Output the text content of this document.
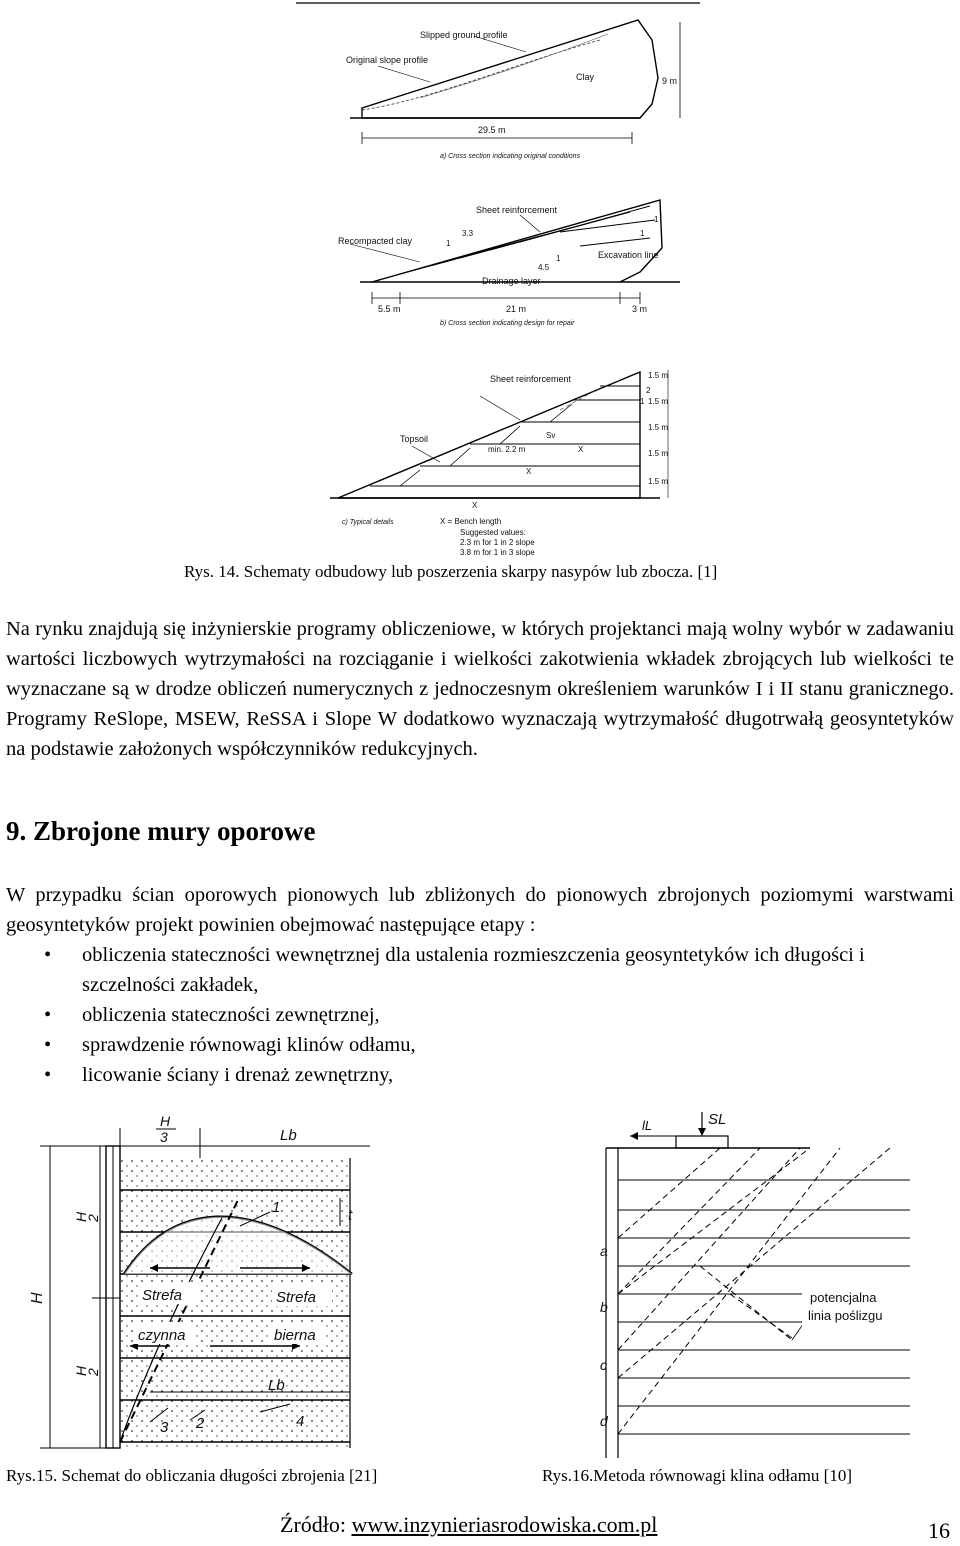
Slipped ground profile
Original slope profile
Clay	9 m
29.5 m
a) Cross section indicating original conditions
Sheet reinforcement
Recompacted clay
Excavation line
Drainage layer
3.3
1
1
4.5
1
1
5.5 m	21 m	3 m
b) Cross section indicating design for repair
Sheet reinforcement
Topsoil
min. 2.2 m
Sv
X
X
X
2
1
1.5 m
1.5 m
1.5 m
1.5 m
1.5 m
c) Typical details	X = Bench length
Suggested values:
2.3 m for 1 in 2 slope
3.8 m for 1 in 3 slope
Rys. 14. Schematy odbudowy lub poszerzenia skarpy nasypów lub zbocza. [1]

Na rynku znajdują się inżynierskie programy obliczeniowe, w których projektanci mają wolny wybór w zadawaniu wartości liczbowych wytrzymałości na rozciąganie i wielkości zakotwienia wkładek zbrojących lub wielkości te wyznaczane są w drodze obliczeń numerycznych z jednoczesnym określeniem warunków I i II stanu granicznego. Programy ReSlope, MSEW, ReSSA i Slope W dodatkowo wyznaczają wytrzymałość długotrwałą geosyntetyków na podstawie założonych współczynników redukcyjnych.

9. Zbrojone mury oporowe

W przypadku ścian oporowych pionowych lub zbliżonych do pionowych zbrojonych poziomymi warstwami geosyntetyków projekt powinien obejmować następujące etapy :

• obliczenia stateczności wewnętrznej dla ustalenia rozmieszczenia geosyntetyków ich długości i szczelności zakładek,
• obliczenia stateczności zewnętrznej,
• sprawdzenie równowagi klinów odłamu,
• licowanie ściany i drenaż zewnętrzny,
H
H
2
H
2
H
3	Lb
t
1
2
3	4
Strefa	Strefa
czynna	bierna
Lb
SL
lL
a
b
c
d
potencjalna
linia poślizgu
Rys.15. Schemat do obliczania długości zbrojenia [21]	Rys.16.Metoda równowagi klina odłamu [10]
Źródło: www.inzynieriasrodowiska.com.pl	16
